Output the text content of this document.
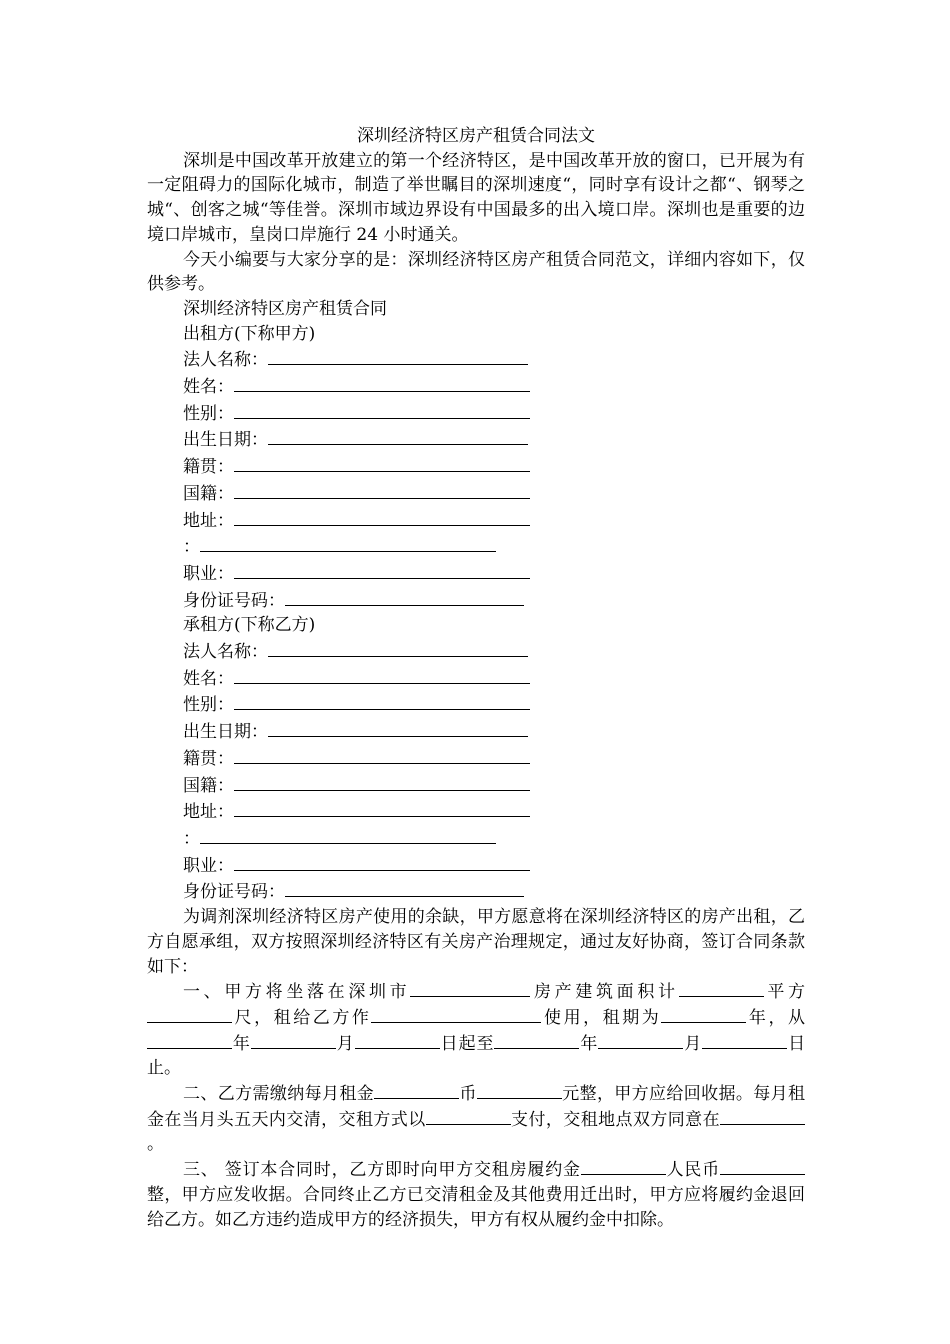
深圳经济特区房产租赁合同法文

深圳是中国改革开放建立的第一个经济特区，是中国改革开放的窗口，已开展为有一定阻碍力的国际化城市，制造了举世瞩目的深圳速度“，同时享有设计之都“、钢琴之城“、创客之城“等佳誉。深圳市域边界设有中国最多的出入境口岸。深圳也是重要的边境口岸城市，皇岗口岸施行 24 小时通关。

今天小编要与大家分享的是：深圳经济特区房产租赁合同范文，详细内容如下，仅供参考。

深圳经济特区房产租赁合同

出租方(下称甲方)

法人名称：

姓名：

性别：

出生日期：

籍贯：

国籍：

地址：

：

职业：

身份证号码：

承租方(下称乙方)

法人名称：

姓名：

性别：

出生日期：

籍贯：

国籍：

地址：

：

职业：

身份证号码：

为调剂深圳经济特区房产使用的余缺，甲方愿意将在深圳经济特区的房产出租，乙方自愿承组，双方按照深圳经济特区有关房产治理规定，通过友好协商，签订合同条款如下：

一、甲方将坐落在深圳市	房产建筑面积计	平方尺，租给乙方作	使用，租期为	年，从年	月	日起至	年	月	日止。

二、乙方需缴纳每月租金	币	元整，甲方应给回收据。每月租金在当月头五天内交清，交租方式以	支付，交租地点双方同意在。

三、 签订本合同时，乙方即时向甲方交租房履约金	人民币整，甲方应发收据。合同终止乙方已交清租金及其他费用迁出时，甲方应将履约金退回给乙方。如乙方违约造成甲方的经济损失，甲方有权从履约金中扣除。
